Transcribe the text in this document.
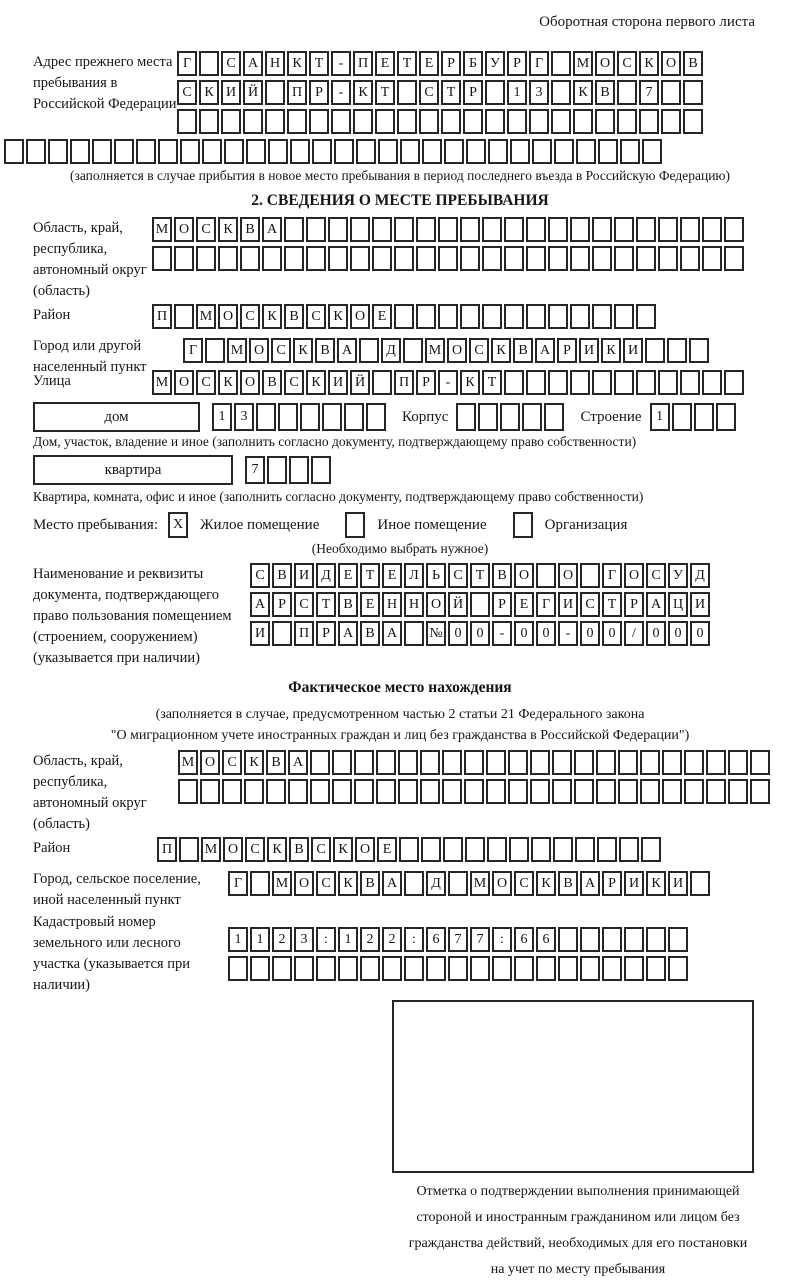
Оборотная сторона первого листа
Адрес прежнего места пребывания в Российской Федерации
Г	С А Н К Т	-	П Е Т Е Р	Б У Р	Г	М О С К О В
С К И Й	П Р	-	К Т	С Т Р	1	3	К В	7
(заполняется в случае прибытия в новое место пребывания в период последнего въезда в Российскую Федерацию)
2. СВЕДЕНИЯ О МЕСТЕ ПРЕБЫВАНИЯ
Область, край, республика, автономный округ (область)
М О С К В А
Район	П	М О С К В С К О Е
Город или другой населенный пункт
Г	М О С К В А	Д	М О С К В А Р И К И
Улица	М О С К О В С К И Й	П Р	-	К Т
дом	1	3	Корпус	Строение	1
Дом, участок, владение и иное (заполнить согласно документу, подтверждающему право собственности)
квартира	7
Квартира, комната, офис и иное (заполнить согласно документу, подтверждающему право собственности)
Место пребывания:	X	Жилое помещение	Иное помещение	Организация
(Необходимо выбрать нужное)
Наименование и реквизиты документа, подтверждающего право пользования помещением (строением, сооружением) (указывается при наличии)
С В И Д Е Т Е Л Ь С Т В О	О	Г О С У Д
А Р С Т В Е Н Н О Й	Р Е Г И С Т Р А Ц И
И	П Р А В А	№ 0	0	-	0	0	-	0	0	/	0	0	0
Фактическое место нахождения
(заполняется в случае, предусмотренном частью 2 статьи 21 Федерального закона
"О миграционном учете иностранных граждан и лиц без гражданства в Российской Федерации")
Область, край, республика, автономный округ (область)
М О С К В А
Район	П	М О С К В С К О Е
Город, сельское поселение, иной населенный пункт
Г	М О С К В А	Д	М О С К В А Р И К И
Кадастровый номер земельного или лесного участка (указывается при наличии)
1	1	2	3	:	1	2	2	:	6	7	7	:	6	6
Отметка о подтверждении выполнения принимающей
стороной и иностранным гражданином или лицом без
гражданства действий, необходимых для его постановки
на учет по месту пребывания
